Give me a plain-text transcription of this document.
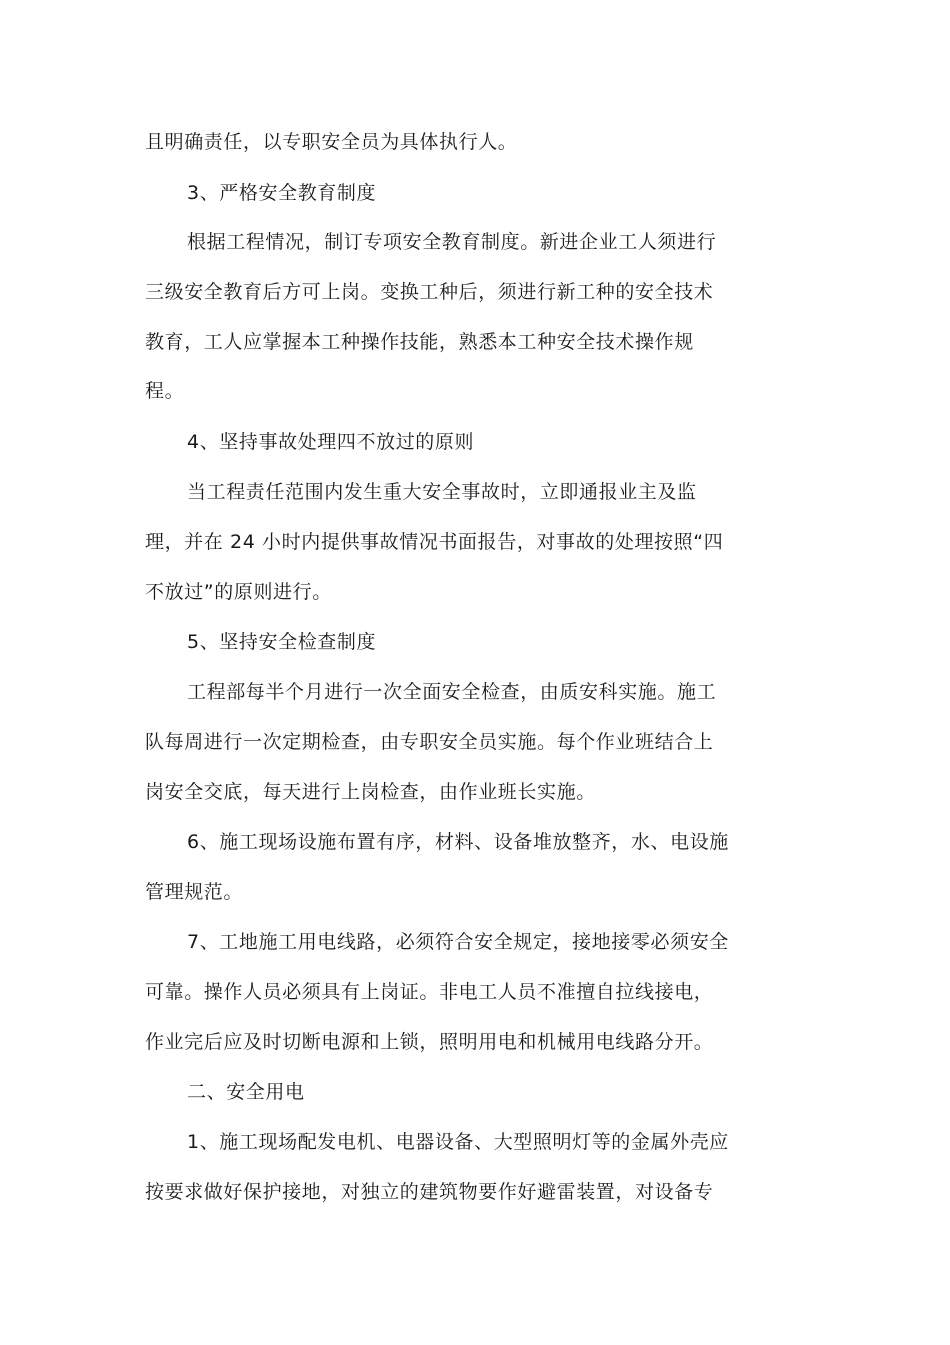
且明确责任，以专职安全员为具体执行人。
3、严格安全教育制度
根据工程情况，制订专项安全教育制度。新进企业工人须进行
三级安全教育后方可上岗。变换工种后，须进行新工种的安全技术
教育，工人应掌握本工种操作技能，熟悉本工种安全技术操作规
程。
4、坚持事故处理四不放过的原则
当工程责任范围内发生重大安全事故时，立即通报业主及监
理，并在 24 小时内提供事故情况书面报告，对事故的处理按照“四
不放过”的原则进行。
5、坚持安全检查制度
工程部每半个月进行一次全面安全检查，由质安科实施。施工
队每周进行一次定期检查，由专职安全员实施。每个作业班结合上
岗安全交底，每天进行上岗检查，由作业班长实施。
6、施工现场设施布置有序，材料、设备堆放整齐，水、电设施
管理规范。
7、工地施工用电线路，必须符合安全规定，接地接零必须安全
可靠。操作人员必须具有上岗证。非电工人员不准擅自拉线接电，
作业完后应及时切断电源和上锁，照明用电和机械用电线路分开。
二、安全用电
1、施工现场配发电机、电器设备、大型照明灯等的金属外壳应
按要求做好保护接地，对独立的建筑物要作好避雷装置，对设备专
